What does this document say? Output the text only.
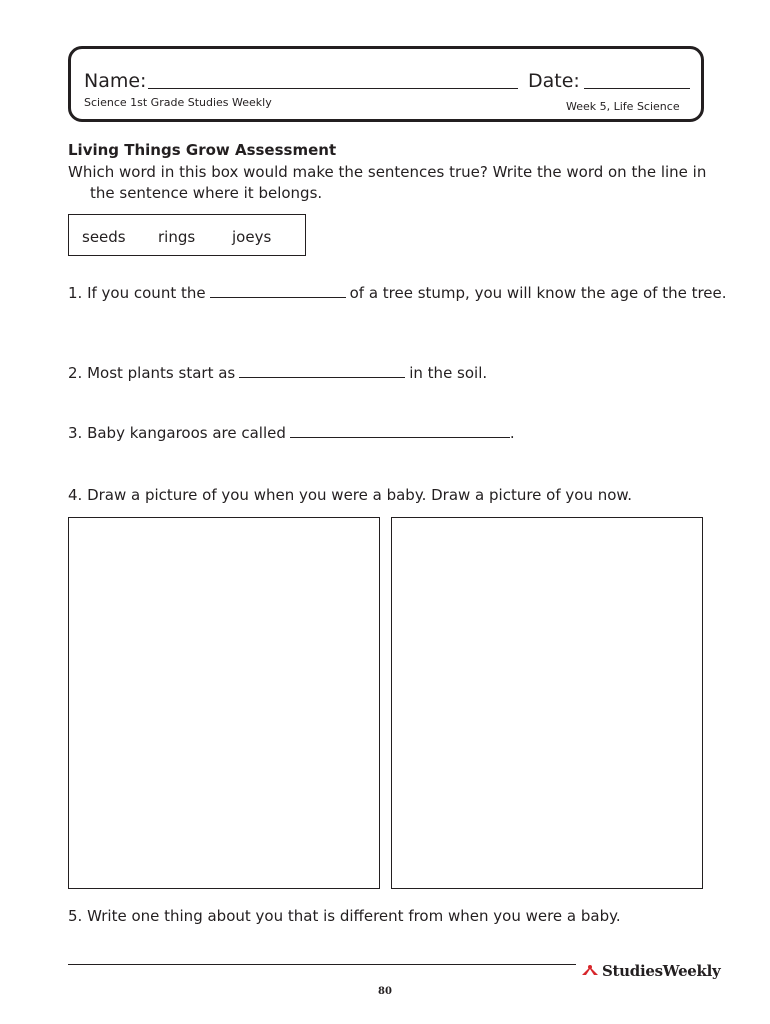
Name:	Date:
Science 1st Grade Studies Weekly	Week 5, Life Science
Living Things Grow Assessment
Which word in this box would make the sentences true? Write the word on the line in the sentence where it belongs.
seeds rings joeys
1. If you count the	of a tree stump, you will know the age of the tree.
2. Most plants start as	in the soil.
3. Baby kangaroos are called	.
4. Draw a picture of you when you were a baby. Draw a picture of you now.
5. Write one thing about you that is different from when you were a baby.
StudiesWeekly
80
